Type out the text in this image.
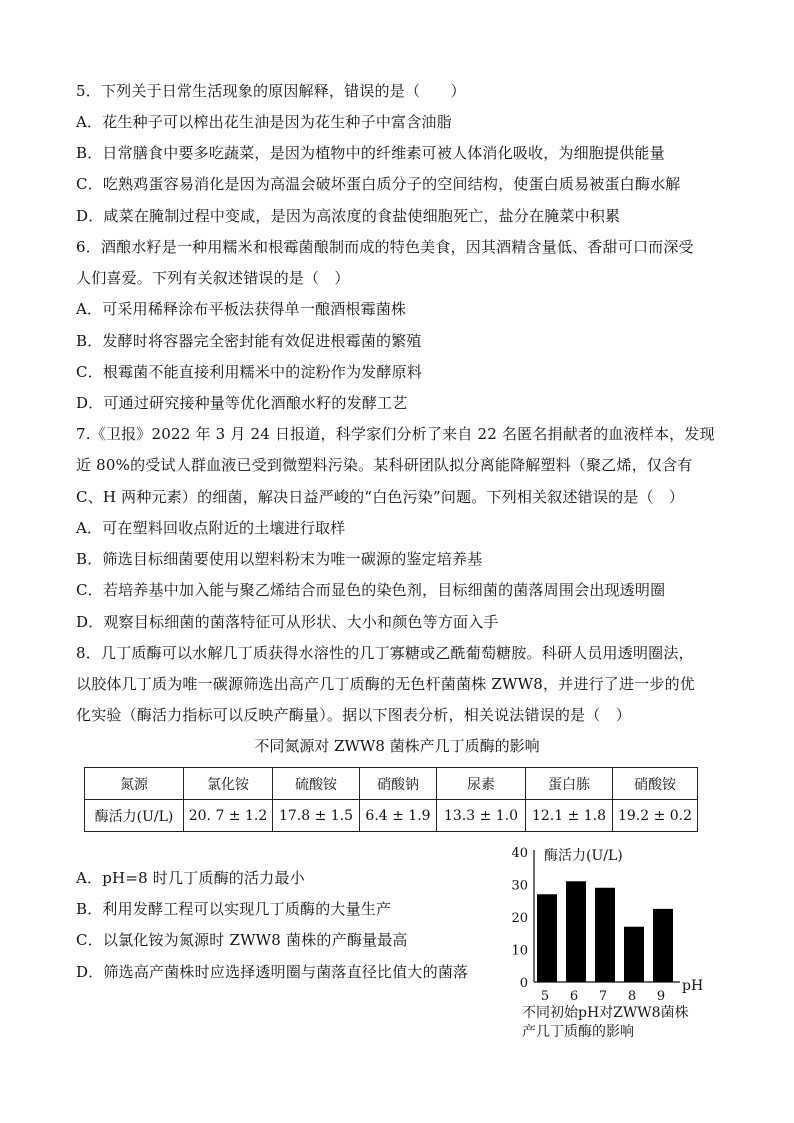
5．下列关于日常生活现象的原因解释，错误的是（　　）
A．花生种子可以榨出花生油是因为花生种子中富含油脂
B．日常膳食中要多吃蔬菜，是因为植物中的纤维素可被人体消化吸收，为细胞提供能量
C．吃熟鸡蛋容易消化是因为高温会破坏蛋白质分子的空间结构，使蛋白质易被蛋白酶水解
D．咸菜在腌制过程中变咸，是因为高浓度的食盐使细胞死亡，盐分在腌菜中积累
6．酒酿水籽是一种用糯米和根霉菌酿制而成的特色美食，因其酒精含量低、香甜可口而深受
人们喜爱。下列有关叙述错误的是（　）
A．可采用稀释涂布平板法获得单一酿酒根霉菌株
B．发酵时将容器完全密封能有效促进根霉菌的繁殖
C．根霉菌不能直接利用糯米中的淀粉作为发酵原料
D．可通过研究接种量等优化酒酿水籽的发酵工艺
7.《卫报》2022 年 3 月 24 日报道，科学家们分析了来自 22 名匿名捐献者的血液样本，发现
近 80%的受试人群血液已受到微塑料污染。某科研团队拟分离能降解塑料（聚乙烯，仅含有
C、H 两种元素）的细菌，解决日益严峻的“白色污染”问题。下列相关叙述错误的是（　）
A．可在塑料回收点附近的土壤进行取样
B．筛选目标细菌要使用以塑料粉末为唯一碳源的鉴定培养基
C．若培养基中加入能与聚乙烯结合而显色的染色剂，目标细菌的菌落周围会出现透明圈
D．观察目标细菌的菌落特征可从形状、大小和颜色等方面入手
8．几丁质酶可以水解几丁质获得水溶性的几丁寡糖或乙酰葡萄糖胺。科研人员用透明圈法，
以胶体几丁质为唯一碳源筛选出高产几丁质酶的无色杆菌菌株 ZWW8，并进行了进一步的优
化实验（酶活力指标可以反映产酶量）。据以下图表分析，相关说法错误的是（　）
不同氮源对 ZWW8 菌株产几丁质酶的影响
氮源	氯化铵	硫酸铵	硝酸钠	尿素	蛋白胨	硝酸铵
酶活力(U/L)	20. 7 ± 1.2	17.8 ± 1.5	6.4 ± 1.9	13.3 ± 1.0	12.1 ± 1.8	19.2 ± 0.2
A．pH=8 时几丁质酶的活力最小
B．利用发酵工程可以实现几丁质酶的大量生产
C．以氯化铵为氮源时 ZWW8 菌株的产酶量最高
D．筛选高产菌株时应选择透明圈与菌落直径比值大的菌落
酶活力(U/L)
pH
0
10
20
30
40
5 6 7 8 9
不同初始pH对ZWW8菌株
产几丁质酶的影响
